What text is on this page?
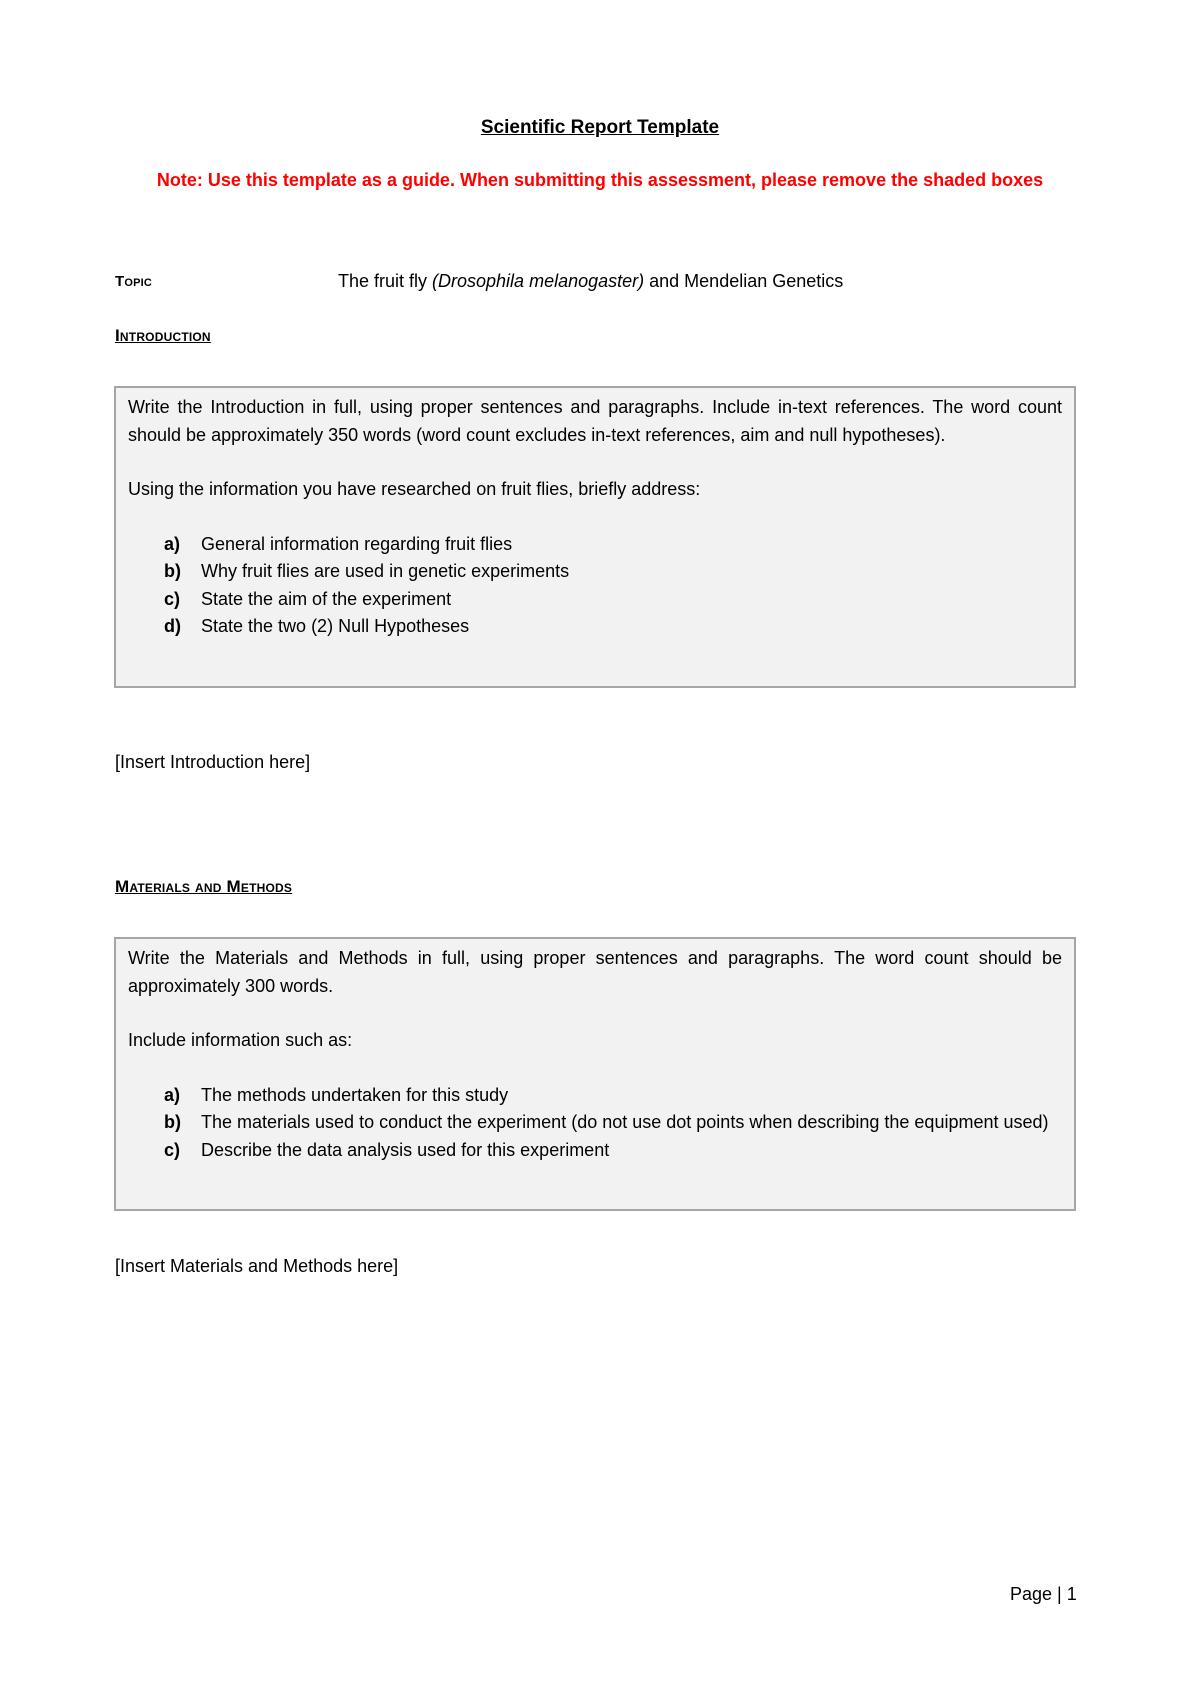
Scientific Report Template
Note: Use this template as a guide. When submitting this assessment, please remove the shaded boxes
Topic	The fruit fly (Drosophila melanogaster) and Mendelian Genetics
Introduction

Write the Introduction in full, using proper sentences and paragraphs. Include in-text references. The word count should be approximately 350 words (word count excludes in-text references, aim and null hypotheses).

Using the information you have researched on fruit flies, briefly address:

a) General information regarding fruit flies
b) Why fruit flies are used in genetic experiments
c) State the aim of the experiment
d) State the two (2) Null Hypotheses
[Insert Introduction here]
Materials and Methods

Write the Materials and Methods in full, using proper sentences and paragraphs. The word count should be approximately 300 words.

Include information such as:

a) The methods undertaken for this study
b) The materials used to conduct the experiment (do not use dot points when describing the equipment used)
c) Describe the data analysis used for this experiment
[Insert Materials and Methods here]
Page | 1
